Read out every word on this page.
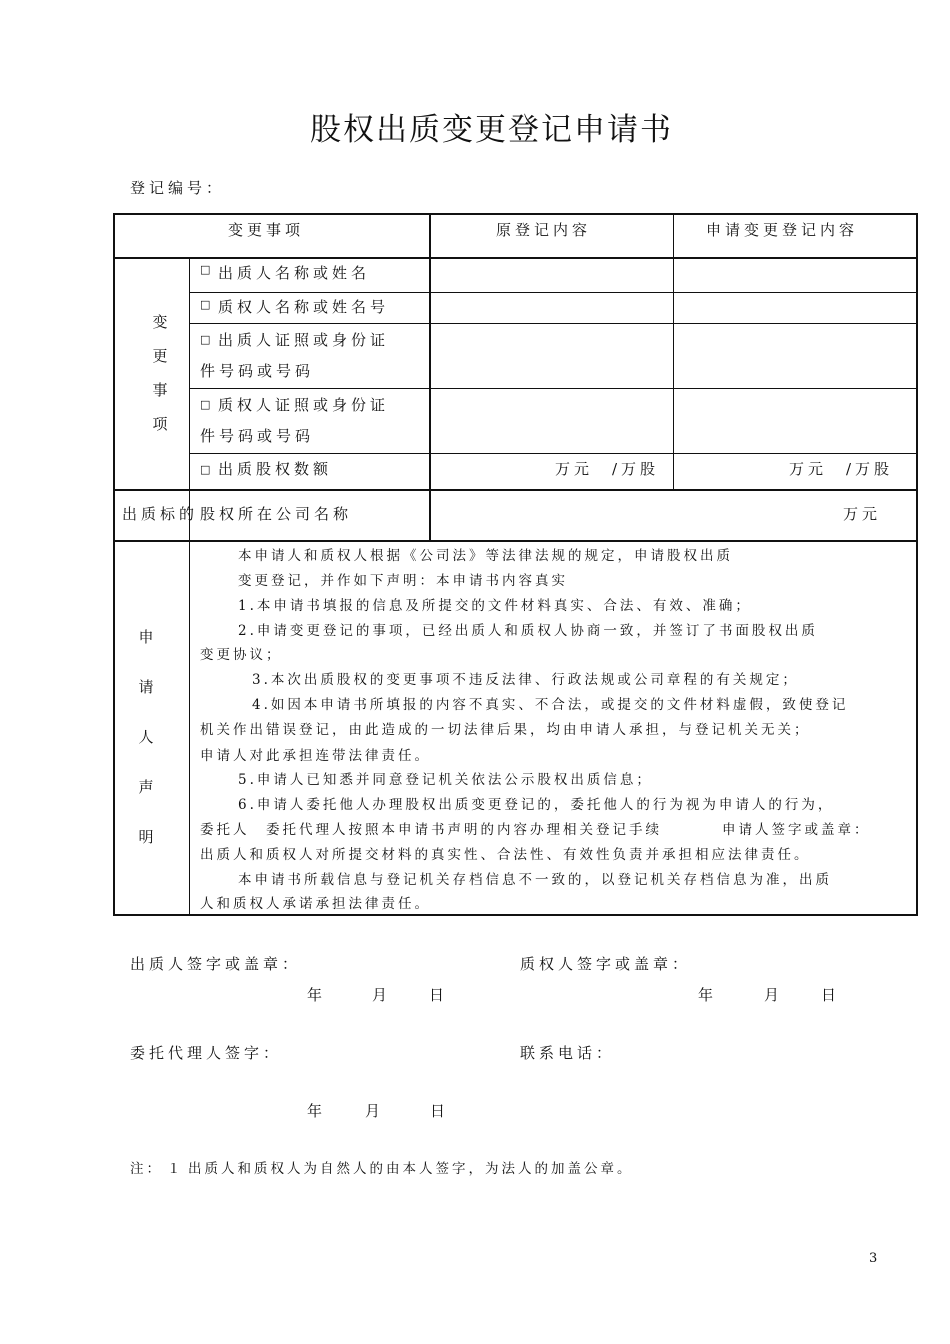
股权出质变更登记申请书
登记编号：　　
变更事项	原登记内容	申请变更登记内容
变
更
事
项
□ 出质人名称或姓名
□ 质权人名称或姓名号
□ 出质人证照或身份证
件号码或号码
□ 质权人证照或身份证
件号码或号码
□ 出质股权数额	万元　/万股	万元　/万股
出质标的 股权所在公司名称	万元
申
请
人
声
明
本申请人和质权人根据《公司法》等法律法规的规定，申请股权出质
变更登记，并作如下声明：本申请书内容真实
1.本申请书填报的信息及所提交的文件材料真实、合法、有效、准确；
2.申请变更登记的事项，已经出质人和质权人协商一致，并签订了书面股权出质
变更协议；
3.本次出质股权的变更事项不违反法律、行政法规或公司章程的有关规定；
4.如因本申请书所填报的内容不真实、不合法，或提交的文件材料虚假，致使登记
机关作出错误登记，由此造成的一切法律后果，均由申请人承担，与登记机关无关；
申请人对此承担连带法律责任。
5.申请人已知悉并同意登记机关依法公示股权出质信息；
6.申请人委托他人办理股权出质变更登记的，委托他人的行为视为申请人的行为，
委托人　委托代理人按照本申请书声明的内容办理相关登记手续	申请人签字或盖章：
出质人和质权人对所提交材料的真实性、合法性、有效性负责并承担相应法律责任。
本申请书所载信息与登记机关存档信息不一致的，以登记机关存档信息为准，出质
人和质权人承诺承担法律责任。
出质人签字或盖章：	质权人签字或盖章：
年	月	日	年	月	日
委托代理人签字：	联系电话：
年	月	日
注： １ 出质人和质权人为自然人的由本人签字，为法人的加盖公章。
3
